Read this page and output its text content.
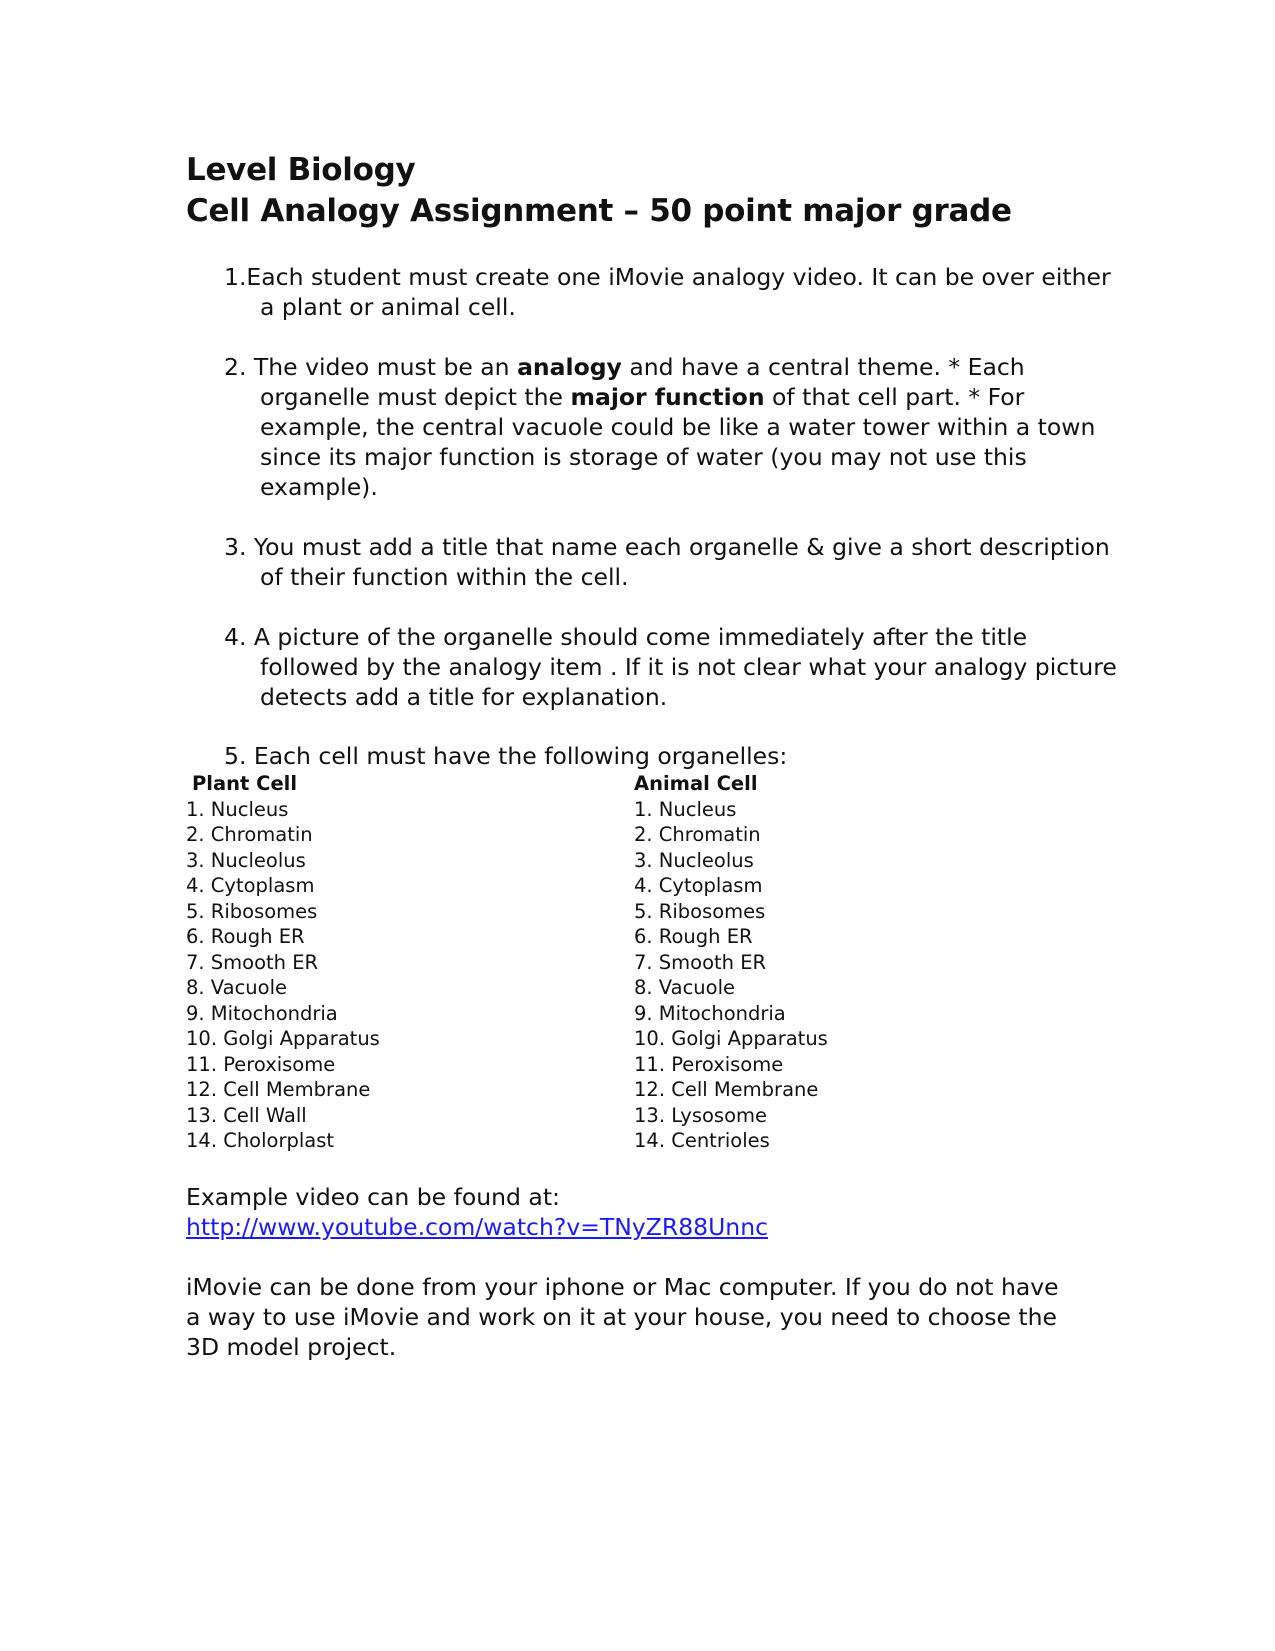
Level Biology
Cell Analogy Assignment – 50 point major grade
1.Each student must create one iMovie analogy video. It can be over either a plant or animal cell.
2. The video must be an analogy and have a central theme. * Each organelle must depict the major function of that cell part. * For example, the central vacuole could be like a water tower within a town since its major function is storage of water (you may not use this example).
3. You must add a title that name each organelle & give a short description of their function within the cell.
4. A picture of the organelle should come immediately after the title followed by the analogy item . If it is not clear what your analogy picture detects add a title for explanation.
5. Each cell must have the following organelles:
Plant Cell
1. Nucleus
2. Chromatin
3. Nucleolus
4. Cytoplasm
5. Ribosomes
6. Rough ER
7. Smooth ER
8. Vacuole
9. Mitochondria
10. Golgi Apparatus
11. Peroxisome
12. Cell Membrane
13. Cell Wall
14. Cholorplast
Animal Cell
1. Nucleus
2. Chromatin
3. Nucleolus
4. Cytoplasm
5. Ribosomes
6. Rough ER
7. Smooth ER
8. Vacuole
9. Mitochondria
10. Golgi Apparatus
11. Peroxisome
12. Cell Membrane
13. Lysosome
14. Centrioles
Example video can be found at:
http://www.youtube.com/watch?v=TNyZR88Unnc
iMovie can be done from your iphone or Mac computer. If you do not have a way to use iMovie and work on it at your house, you need to choose the 3D model project.
